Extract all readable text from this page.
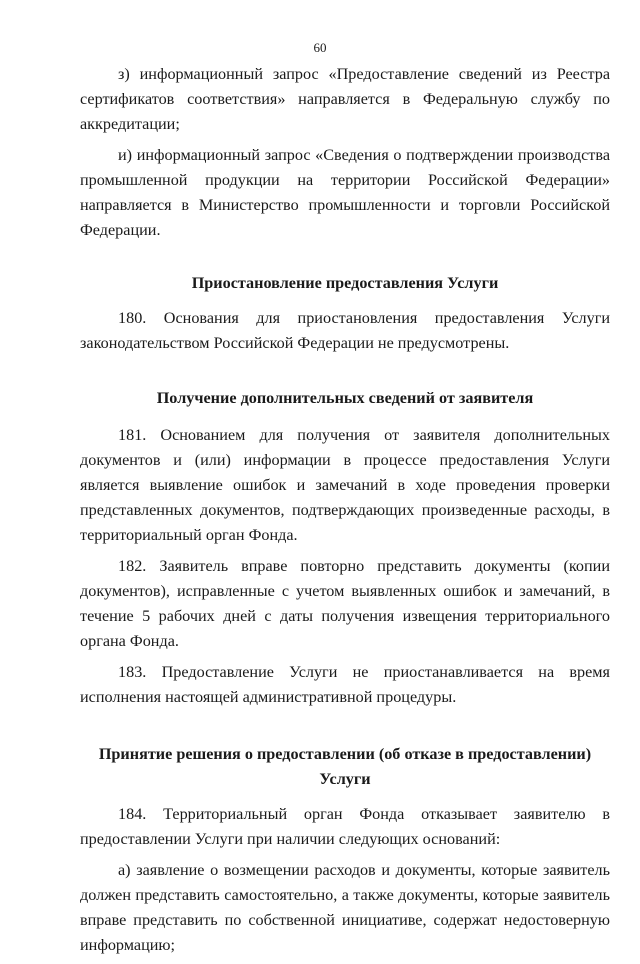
60

з) информационный запрос «Предоставление сведений из Реестра сертификатов соответствия» направляется в Федеральную службу по аккредитации;

и) информационный запрос «Сведения о подтверждении производства промышленной продукции на территории Российской Федерации» направляется в Министерство промышленности и торговли Российской Федерации.

Приостановление предоставления Услуги

180. Основания для приостановления предоставления Услуги законодательством Российской Федерации не предусмотрены.

Получение дополнительных сведений от заявителя

181. Основанием для получения от заявителя дополнительных документов и (или) информации в процессе предоставления Услуги является выявление ошибок и замечаний в ходе проведения проверки представленных документов, подтверждающих произведенные расходы, в территориальный орган Фонда.

182. Заявитель вправе повторно представить документы (копии документов), исправленные с учетом выявленных ошибок и замечаний, в течение 5 рабочих дней с даты получения извещения территориального органа Фонда.

183. Предоставление Услуги не приостанавливается на время исполнения настоящей административной процедуры.

Принятие решения о предоставлении (об отказе в предоставлении) Услуги

184. Территориальный орган Фонда отказывает заявителю в предоставлении Услуги при наличии следующих оснований:

а) заявление о возмещении расходов и документы, которые заявитель должен представить самостоятельно, а также документы, которые заявитель вправе представить по собственной инициативе, содержат недостоверную информацию;
